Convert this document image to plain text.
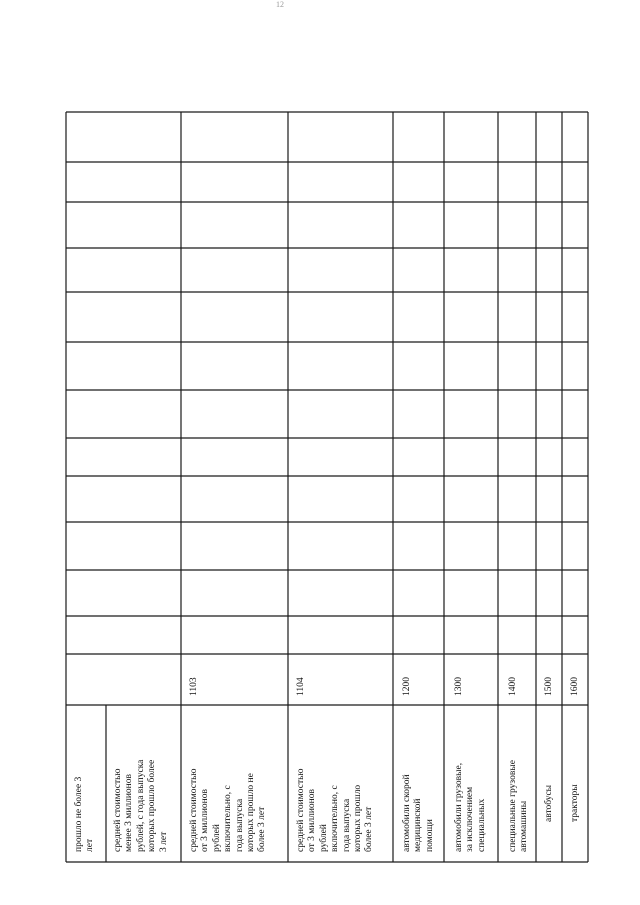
12
прошло не более 3
лет средней стоимостью
менее 3 миллионов
рублей, с года выпуска
которых прошло более
3 лет
1103
средней стоимостью
от 3 миллионов
рублей
включительно, с
года выпуска
которых прошло не
более 3 лет
1104
средней стоимостью
от 3 миллионов
рублей
включительно, с
года выпуска
которых прошло
более 3 лет
1200
автомобили скорой
медицинской
помощи
1300
автомобили грузовые,
за исключением
специальных
1400
специальные грузовые
автомашины
1500
автобусы
1600
тракторы
